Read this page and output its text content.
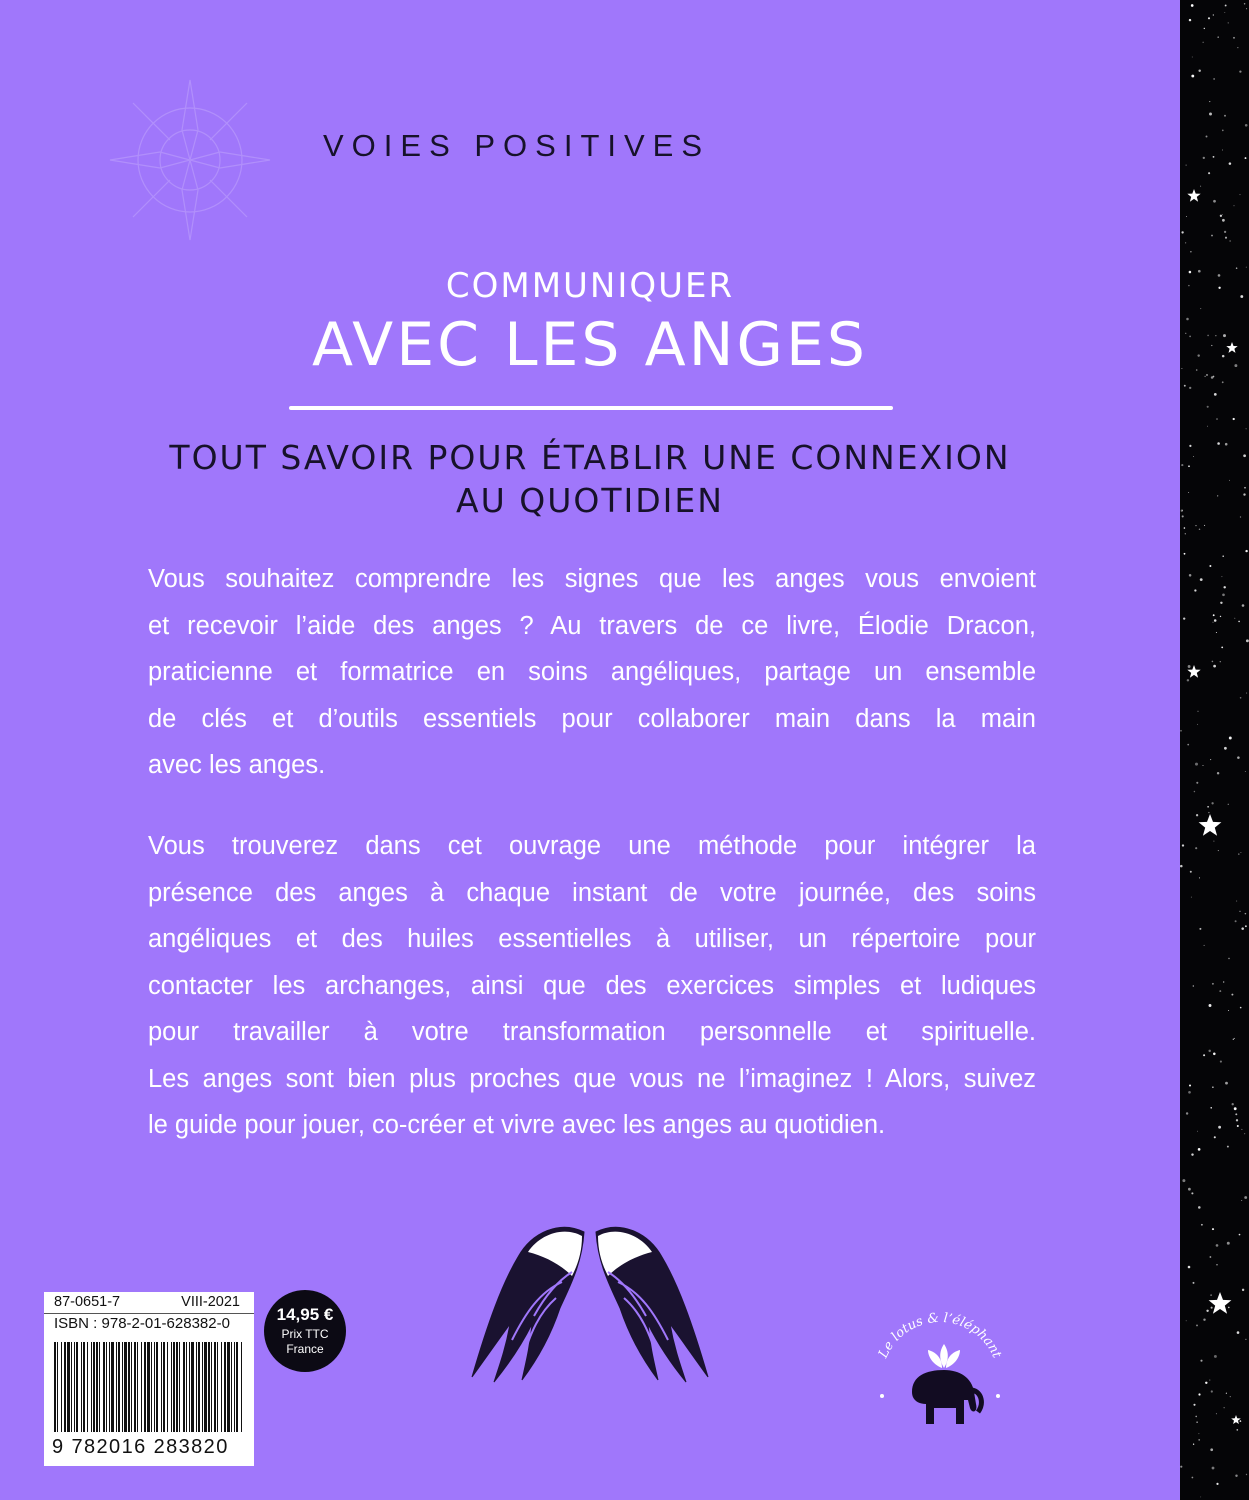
VOIES POSITIVES
COMMUNIQUER
AVEC LES ANGES
TOUT SAVOIR POUR ÉTABLIR UNE CONNEXION
AU QUOTIDIEN
Vous souhaitez comprendre les signes que les anges vous envoient
et recevoir l’aide des anges ? Au travers de ce livre, Élodie Dracon,
praticienne et formatrice en soins angéliques, partage un ensemble
de clés et d’outils essentiels pour collaborer main dans la main
avec les anges.
Vous trouverez dans cet ouvrage une méthode pour intégrer la
présence des anges à chaque instant de votre journée, des soins
angéliques et des huiles essentielles à utiliser, un répertoire pour
contacter les archanges, ainsi que des exercices simples et ludiques
pour travailler à votre transformation personnelle et spirituelle.
Les anges sont bien plus proches que vous ne l’imaginez ! Alors, suivez
le guide pour jouer, co-créer et vivre avec les anges au quotidien.
87-0651-7	VIII-2021
ISBN : 978-2-01-628382-0
9 782016 283820
14,95 €
Prix TTC
France	Le lotus & l’éléphant
